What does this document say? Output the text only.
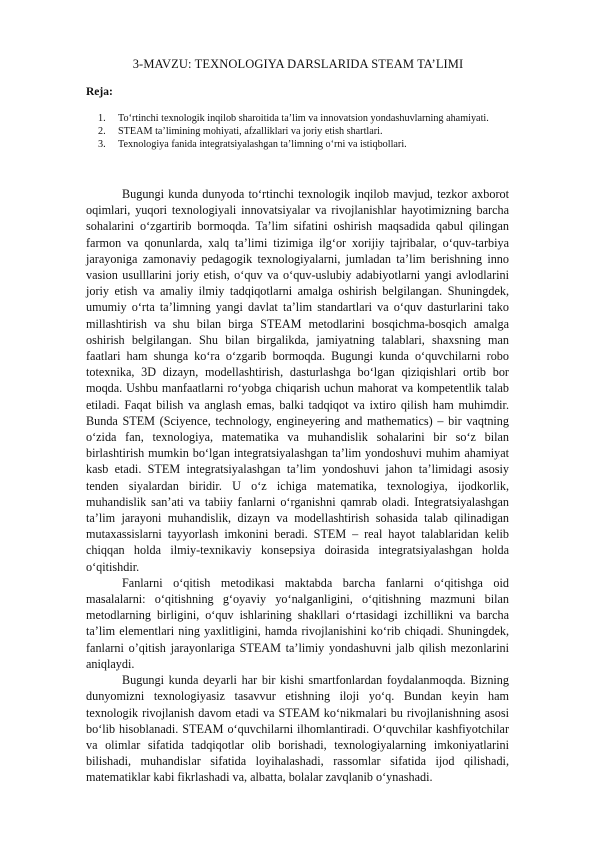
3-MAVZU: TEXNOLOGIYA DARSLARIDA STEAM TA’LIMI
Reja:
1. To‘rtinchi texnologik inqilob sharoitida ta’lim va innovatsion yondashuvlarning ahamiyati.
2. STEAM ta’limining mohiyati, afzalliklari va joriy etish shartlari.
3. Texnologiya fanida integratsiyalashgan ta’limning o‘rni va istiqbollari.

Bugungi kunda dunyoda to‘rtinchi texnologik inqilob mavjud, tezkor axborot oqimlari, yuqori texnologiyali innovatsiyalar va rivojlanishlar hayotimizning barcha sohalarini o‘zgartirib bormoqda. Ta’lim sifatini oshirish maqsadida qabul qilingan farmon va qonunlarda, xalq ta’limi tizimiga ilg‘or xorijiy tajribalar, o‘quv-tarbiya jarayoniga zamonaviy pedagogik texnologiyalarni, jumladan ta’lim berishning inno vasion usulllarini joriy etish, o‘quv va o‘quv-uslubiy adabiyotlarni yangi avlodlarini joriy etish va amaliy ilmiy tadqiqotlarni amalga oshirish belgilangan. Shuningdek, umumiy o‘rta ta’limning yangi davlat ta’lim standartlari va o‘quv dasturlarini tako millashtirish va shu bilan birga STEAM metodlarini bosqichma-bosqich amalga oshirish belgilangan. Shu bilan birgalikda, jamiyatning talablari, shaxsning man faatlari ham shunga ko‘ra o‘zgarib bormoqda. Bugungi kunda o‘quvchilarni robo totexnika, 3D dizayn, modellashtirish, dasturlashga bo‘lgan qiziqishlari ortib bor moqda. Ushbu manfaatlarni ro‘yobga chiqarish uchun mahorat va kompetentlik talab etiladi. Faqat bilish va anglash emas, balki tadqiqot va ixtiro qilish ham muhimdir. Bunda STEM (Sciyence, technology, engineyering and mathematics) – bir vaqtning o‘zida fan, texnologiya, matematika va muhandislik sohalarini bir so‘z bilan birlashtirish mumkin bo‘lgan integratsiyalashgan ta’lim yondoshuvi muhim ahamiyat kasb etadi. STEM integratsiyalashgan ta’lim yondoshuvi jahon ta’limidagi asosiy tenden siyalardan biridir. U o‘z ichiga matematika, texnologiya, ijodkorlik, muhandislik san’ati va tabiiy fanlarni o‘rganishni qamrab oladi. Integratsiyalashgan ta’lim jarayoni muhandislik, dizayn va modellashtirish sohasida talab qilinadigan mutaxassislarni tayyorlash imkonini beradi. STEM – real hayot talablaridan kelib chiqqan holda ilmiy-texnikaviy konsepsiya doirasida integratsiyalashgan holda o‘qitishdir.

Fanlarni o‘qitish metodikasi maktabda barcha fanlarni o‘qitishga oid masalalarni: o‘qitishning g‘oyaviy yo‘nalganligini, o‘qitishning mazmuni bilan metodlarning birligini, o‘quv ishlarining shakllari o‘rtasidagi izchillikni va barcha ta’lim elementlari ning yaxlitligini, hamda rivojlanishini ko‘rib chiqadi. Shuningdek, fanlarni o’qitish jarayonlariga STEAM ta’limiy yondashuvni jalb qilish mezonlarini aniqlaydi.

Bugungi kunda deyarli har bir kishi smartfonlardan foydalanmoqda. Bizning dunyomizni texnologiyasiz tasavvur etishning iloji yo‘q. Bundan keyin ham texnologik rivojlanish davom etadi va STEAM ko‘nikmalari bu rivojlanishning asosi bo‘lib hisoblanadi. STEAM o‘quvchilarni ilhomlantiradi. O‘quvchilar kashfiyotchilar va olimlar sifatida tadqiqotlar olib borishadi, texnologiyalarning imkoniyatlarini bilishadi, muhandislar sifatida loyihalashadi, rassomlar sifatida ijod qilishadi, matematiklar kabi fikrlashadi va, albatta, bolalar zavqlanib o‘ynashadi.
